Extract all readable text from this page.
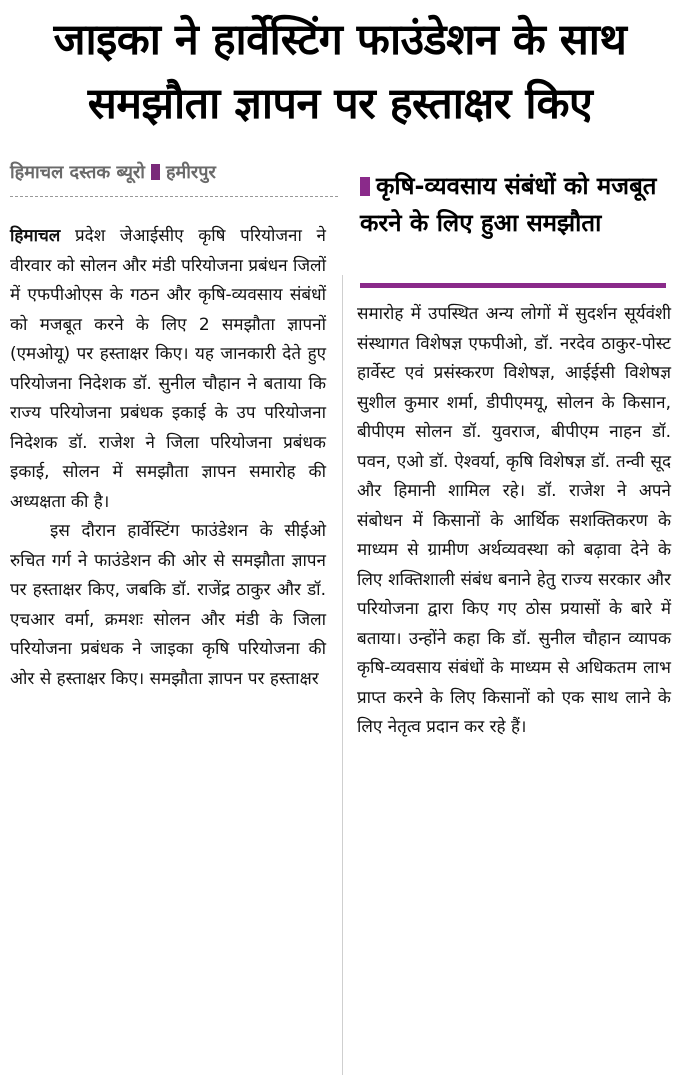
जाइका ने हार्वेस्टिंग फाउंडेशन के साथ
समझौता ज्ञापन पर हस्ताक्षर किए
हिमाचल दस्तक ब्यूरो हमीरपुर

हिमाचल प्रदेश जेआईसीए कृषि परियोजना ने वीरवार को सोलन और मंडी परियोजना प्रबंधन जिलों में एफपीओएस के गठन और कृषि-व्यवसाय संबंधों को मजबूत करने के लिए 2 समझौता ज्ञापनों (एमओयू) पर हस्ताक्षर किए। यह जानकारी देते हुए परियोजना निदेशक डॉ. सुनील चौहान ने बताया कि राज्य परियोजना प्रबंधक इकाई के उप परियोजना निदेशक डॉ. राजेश ने जिला परियोजना प्रबंधक इकाई, सोलन में समझौता ज्ञापन समारोह की अध्यक्षता की है।

इस दौरान हार्वेस्टिंग फाउंडेशन के सीईओ रुचित गर्ग ने फाउंडेशन की ओर से समझौता ज्ञापन पर हस्ताक्षर किए, जबकि डॉ. राजेंद्र ठाकुर और डॉ. एचआर वर्मा, क्रमशः सोलन और मंडी के जिला परियोजना प्रबंधक ने जाइका कृषि परियोजना की ओर से हस्ताक्षर किए। समझौता ज्ञापन पर हस्ताक्षर

कृषि-व्यवसाय संबंधों को मजबूत करने के लिए हुआ समझौता

समारोह में उपस्थित अन्य लोगों में सुदर्शन सूर्यवंशी संस्थागत विशेषज्ञ एफपीओ, डॉ. नरदेव ठाकुर-पोस्ट हार्वेस्ट एवं प्रसंस्करण विशेषज्ञ, आईईसी विशेषज्ञ सुशील कुमार शर्मा, डीपीएमयू, सोलन के किसान, बीपीएम सोलन डॉ. युवराज, बीपीएम नाहन डॉ. पवन, एओ डॉ. ऐश्वर्या, कृषि विशेषज्ञ डॉ. तन्वी सूद और हिमानी शामिल रहे। डॉ. राजेश ने अपने संबोधन में किसानों के आर्थिक सशक्तिकरण के माध्यम से ग्रामीण अर्थव्यवस्था को बढ़ावा देने के लिए शक्तिशाली संबंध बनाने हेतु राज्य सरकार और परियोजना द्वारा किए गए ठोस प्रयासों के बारे में बताया। उन्होंने कहा कि डॉ. सुनील चौहान व्यापक कृषि-व्यवसाय संबंधों के माध्यम से अधिकतम लाभ प्राप्त करने के लिए किसानों को एक साथ लाने के लिए नेतृत्व प्रदान कर रहे हैं।
